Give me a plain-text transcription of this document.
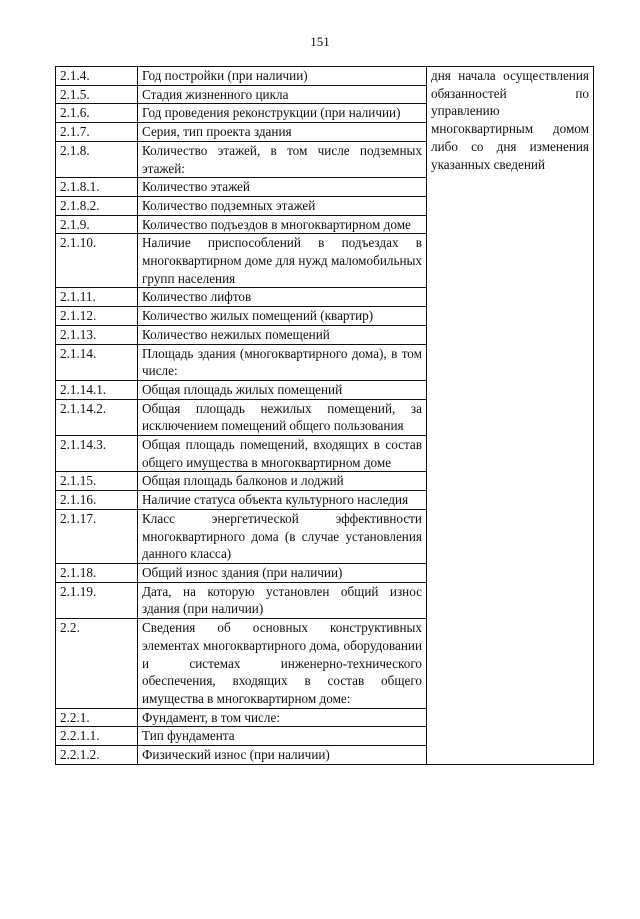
151
2.1.4.	Год постройки (при наличии)	дня начала осуществления обязанностей по управлению многоквартирным домом либо со дня изменения указанных сведений
2.1.5.	Стадия жизненного цикла	
2.1.6.	Год проведения реконструкции (при наличии)	
2.1.7.	Серия, тип проекта здания	
2.1.8.	Количество этажей, в том числе подземных этажей:	
2.1.8.1.	Количество этажей	
2.1.8.2.	Количество подземных этажей	
2.1.9.	Количество подъездов в многоквартирном доме	
2.1.10.	Наличие приспособлений в подъездах в многоквартирном доме для нужд маломобильных групп населения	
2.1.11.	Количество лифтов	
2.1.12.	Количество жилых помещений (квартир)	
2.1.13.	Количество нежилых помещений	
2.1.14.	Площадь здания (многоквартирного дома), в том числе:	
2.1.14.1.	Общая площадь жилых помещений	
2.1.14.2.	Общая площадь нежилых помещений, за исключением помещений общего пользования	
2.1.14.3.	Общая площадь помещений, входящих в состав общего имущества в многоквартирном доме	
2.1.15.	Общая площадь балконов и лоджий	
2.1.16.	Наличие статуса объекта культурного наследия	
2.1.17.	Класс энергетической эффективности многоквартирного дома (в случае установления данного класса)	
2.1.18.	Общий износ здания (при наличии)	
2.1.19.	Дата, на которую установлен общий износ здания (при наличии)	
2.2.	Сведения об основных конструктивных элементах многоквартирного дома, оборудовании и системах инженерно-технического обеспечения, входящих в состав общего имущества в многоквартирном доме:	
2.2.1.	Фундамент, в том числе:	
2.2.1.1.	Тип фундамента	
2.2.1.2.	Физический износ (при наличии)	
